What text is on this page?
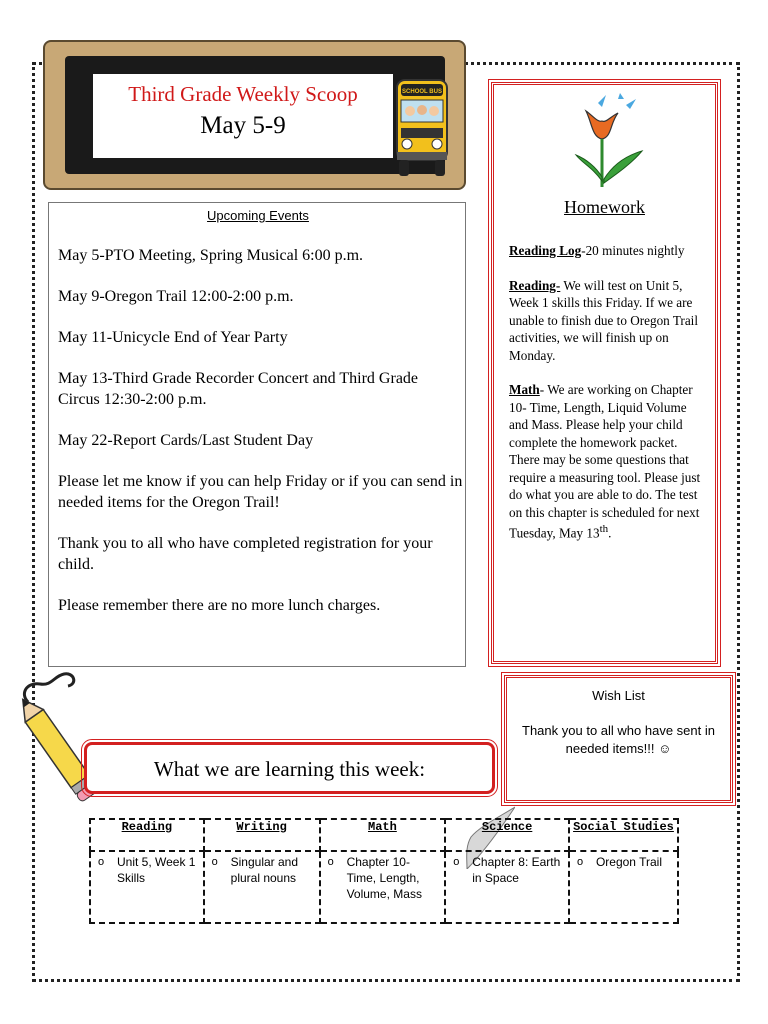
Third Grade Weekly Scoop
May 5-9
SCHOOL BUS
Upcoming Events

May 5-PTO Meeting, Spring Musical 6:00 p.m.

May 9-Oregon Trail 12:00-2:00 p.m.

May 11-Unicycle End of Year Party

May 13-Third Grade Recorder Concert and Third Grade Circus 12:30-2:00 p.m.

May 22-Report Cards/Last Student Day

Please let me know if you can help Friday or if you can send in needed items for the Oregon Trail!

Thank you to all who have completed registration for your child.

Please remember there are no more lunch charges.

Homework

Reading Log-20 minutes nightly

Reading- We will test on Unit 5, Week 1 skills this Friday. If we are unable to finish due to Oregon Trail activities, we will finish up on Monday.

Math- We are working on Chapter 10- Time, Length, Liquid Volume and Mass. Please help your child complete the homework packet. There may be some questions that require a measuring tool. Please just do what you are able to do. The test on this chapter is scheduled for next Tuesday, May 13th.

Wish List
Thank you to all who have sent in needed items!!! ☺
What we are learning this week:
Reading	Writing	Math	Science	Social Studies

o Unit 5, Week 1 Skills	o Singular and plural nouns	o Chapter 10- Time, Length, Volume, Mass	o Chapter 8: Earth in Space	o Oregon Trail
